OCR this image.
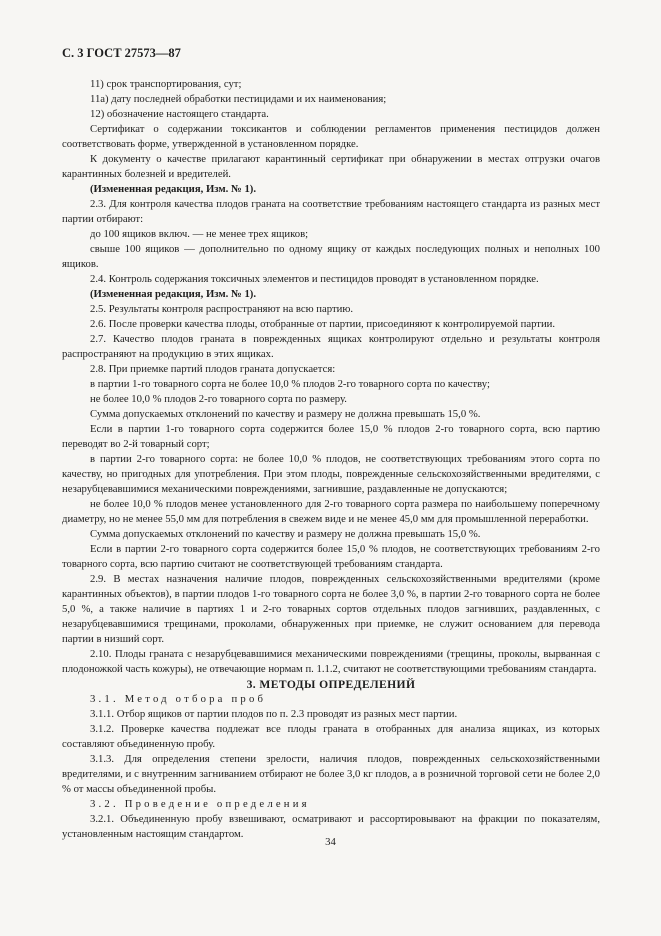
С. 3 ГОСТ 27573—87

11) срок транспортирования, сут;

11а) дату последней обработки пестицидами и их наименования;

12) обозначение настоящего стандарта.

Сертификат о содержании токсикантов и соблюдении регламентов применения пестицидов должен соответствовать форме, утвержденной в установленном порядке.

К документу о качестве прилагают карантинный сертификат при обнаружении в местах отгрузки очагов карантинных болезней и вредителей.

(Измененная редакция, Изм. № 1).

2.3. Для контроля качества плодов граната на соответствие требованиям настоящего стандарта из разных мест партии отбирают:

до 100 ящиков включ. — не менее трех ящиков;

свыше 100 ящиков — дополнительно по одному ящику от каждых последующих полных и неполных 100 ящиков.

2.4. Контроль содержания токсичных элементов и пестицидов проводят в установленном порядке.

(Измененная редакция, Изм. № 1).

2.5. Результаты контроля распространяют на всю партию.

2.6. После проверки качества плоды, отобранные от партии, присоединяют к контролируемой партии.

2.7. Качество плодов граната в поврежденных ящиках контролируют отдельно и результаты контроля распространяют на продукцию в этих ящиках.

2.8. При приемке партий плодов граната допускается:

в партии 1-го товарного сорта не более 10,0 % плодов 2-го товарного сорта по качеству;

не более 10,0 % плодов 2-го товарного сорта по размеру.

Сумма допускаемых отклонений по качеству и размеру не должна превышать 15,0 %.

Если в партии 1-го товарного сорта содержится более 15,0 % плодов 2-го товарного сорта, всю партию переводят во 2-й товарный сорт;

в партии 2-го товарного сорта: не более 10,0 % плодов, не соответствующих требованиям этого сорта по качеству, но пригодных для употребления. При этом плоды, поврежденные сельскохозяйственными вредителями, с незарубцевавшимися механическими повреждениями, загнившие, раздавленные не допускаются;

не более 10,0 % плодов менее установленного для 2-го товарного сорта размера по наибольшему поперечному диаметру, но не менее 55,0 мм для потребления в свежем виде и не менее 45,0 мм для промышленной переработки.

Сумма допускаемых отклонений по качеству и размеру не должна превышать 15,0 %.

Если в партии 2-го товарного сорта содержится более 15,0 % плодов, не соответствующих требованиям 2-го товарного сорта, всю партию считают не соответствующей требованиям стандарта.

2.9. В местах назначения наличие плодов, поврежденных сельскохозяйственными вредителями (кроме карантинных объектов), в партии плодов 1-го товарного сорта не более 3,0 %, в партии 2-го товарного сорта не более 5,0 %, а также наличие в партиях 1 и 2-го товарных сортов отдельных плодов загнивших, раздавленных, с незарубцевавшимися трещинами, проколами, обнаруженных при приемке, не служит основанием для перевода партии в низший сорт.

2.10. Плоды граната с незарубцевавшимися механическими повреждениями (трещины, проколы, вырванная с плодоножкой часть кожуры), не отвечающие нормам п. 1.1.2, считают не соответствующими требованиям стандарта.

3. МЕТОДЫ ОПРЕДЕЛЕНИЙ

3.1. Метод отбора проб

3.1.1. Отбор ящиков от партии плодов по п. 2.3 проводят из разных мест партии.

3.1.2. Проверке качества подлежат все плоды граната в отобранных для анализа ящиках, из которых составляют объединенную пробу.

3.1.3. Для определения степени зрелости, наличия плодов, поврежденных сельскохозяйственными вредителями, и с внутренним загниванием отбирают не более 3,0 кг плодов, а в розничной торговой сети не более 2,0 % от массы объединенной пробы.

3.2. Проведение определения

3.2.1. Объединенную пробу взвешивают, осматривают и рассортировывают на фракции по показателям, установленным настоящим стандартом.

34
